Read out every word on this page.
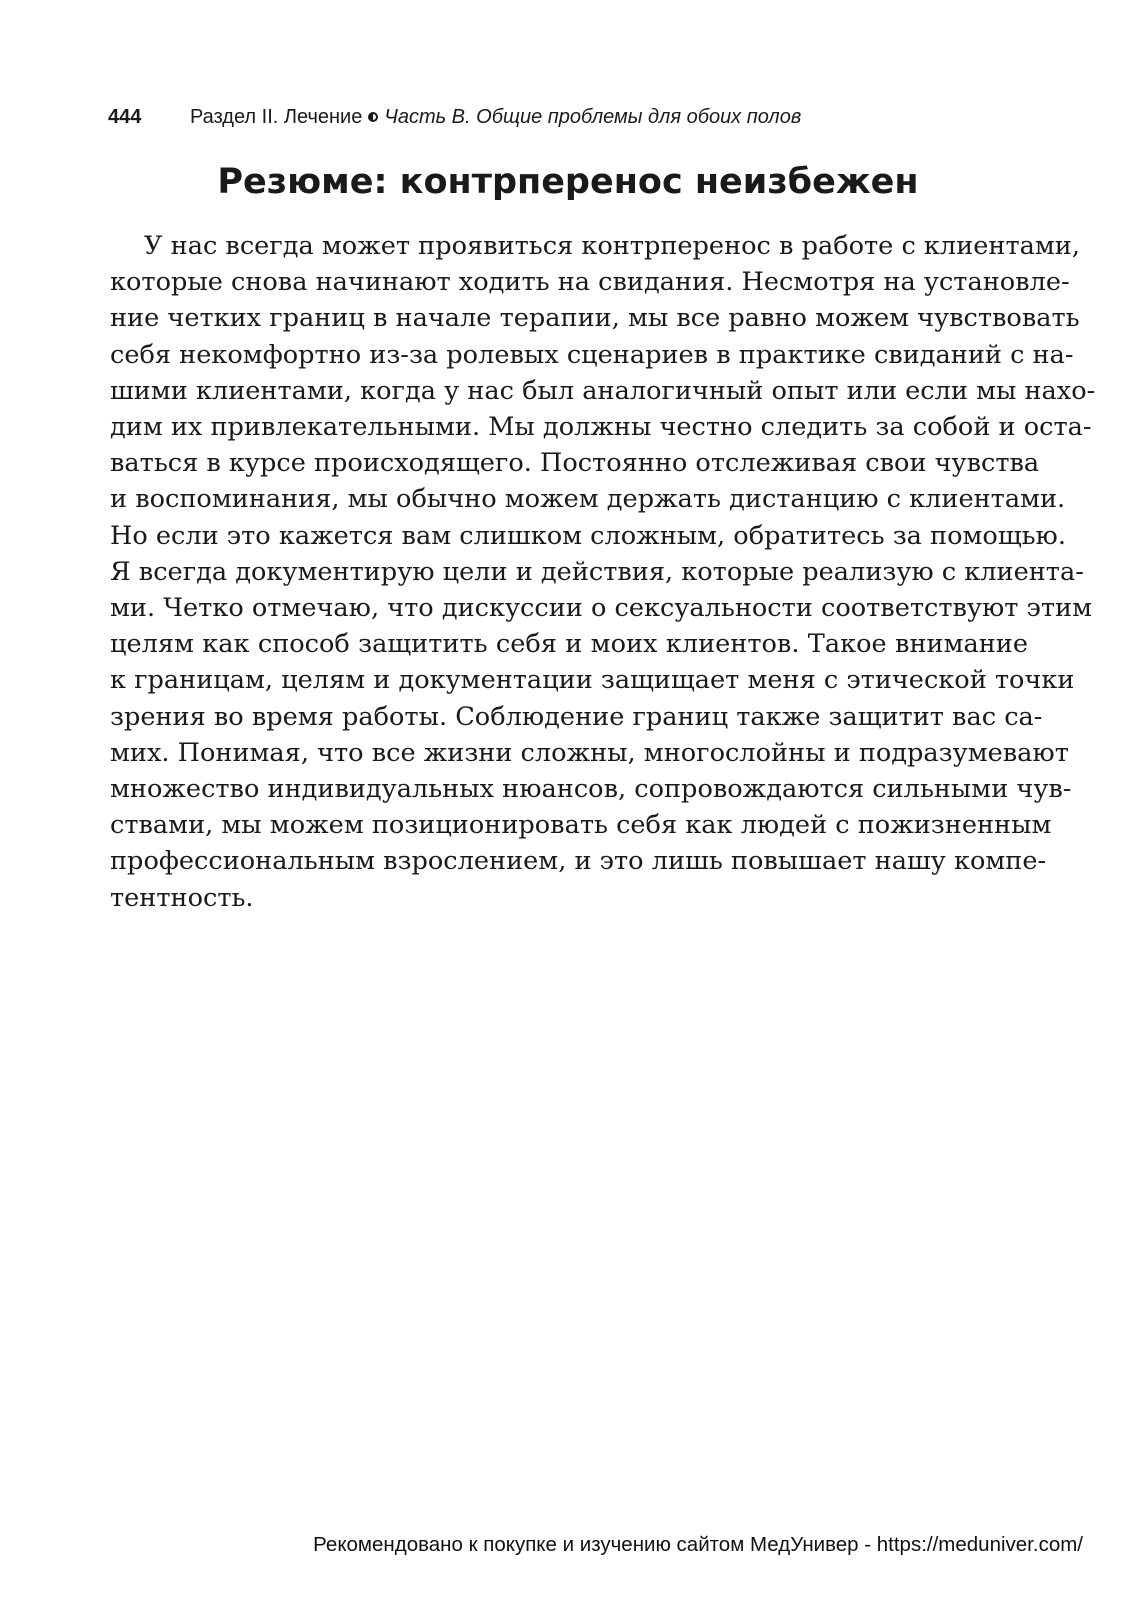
444 Раздел II. Лечение Часть B. Общие проблемы для обоих полов
Резюме: контрперенос неизбежен
У нас всегда может проявиться контрперенос в работе с клиентами,
которые снова начинают ходить на свидания. Несмотря на установле-
ние четких границ в начале терапии, мы все равно можем чувствовать
себя некомфортно из-за ролевых сценариев в практике свиданий с на-
шими клиентами, когда у нас был аналогичный опыт или если мы нахо-
дим их привлекательными. Мы должны честно следить за собой и оста-
ваться в курсе происходящего. Постоянно отслеживая свои чувства
и воспоминания, мы обычно можем держать дистанцию с клиентами.
Но если это кажется вам слишком сложным, обратитесь за помощью.
Я всегда документирую цели и действия, которые реализую с клиента-
ми. Четко отмечаю, что дискуссии о сексуальности соответствуют этим
целям как способ защитить себя и моих клиентов. Такое внимание
к границам, целям и документации защищает меня с этической точки
зрения во время работы. Соблюдение границ также защитит вас са-
мих. Понимая, что все жизни сложны, многослойны и подразумевают
множество индивидуальных нюансов, сопровождаются сильными чув-
ствами, мы можем позиционировать себя как людей с пожизненным
профессиональным взрослением, и это лишь повышает нашу компе-
тентность.
Рекомендовано к покупке и изучению сайтом МедУнивер - https://meduniver.com/
